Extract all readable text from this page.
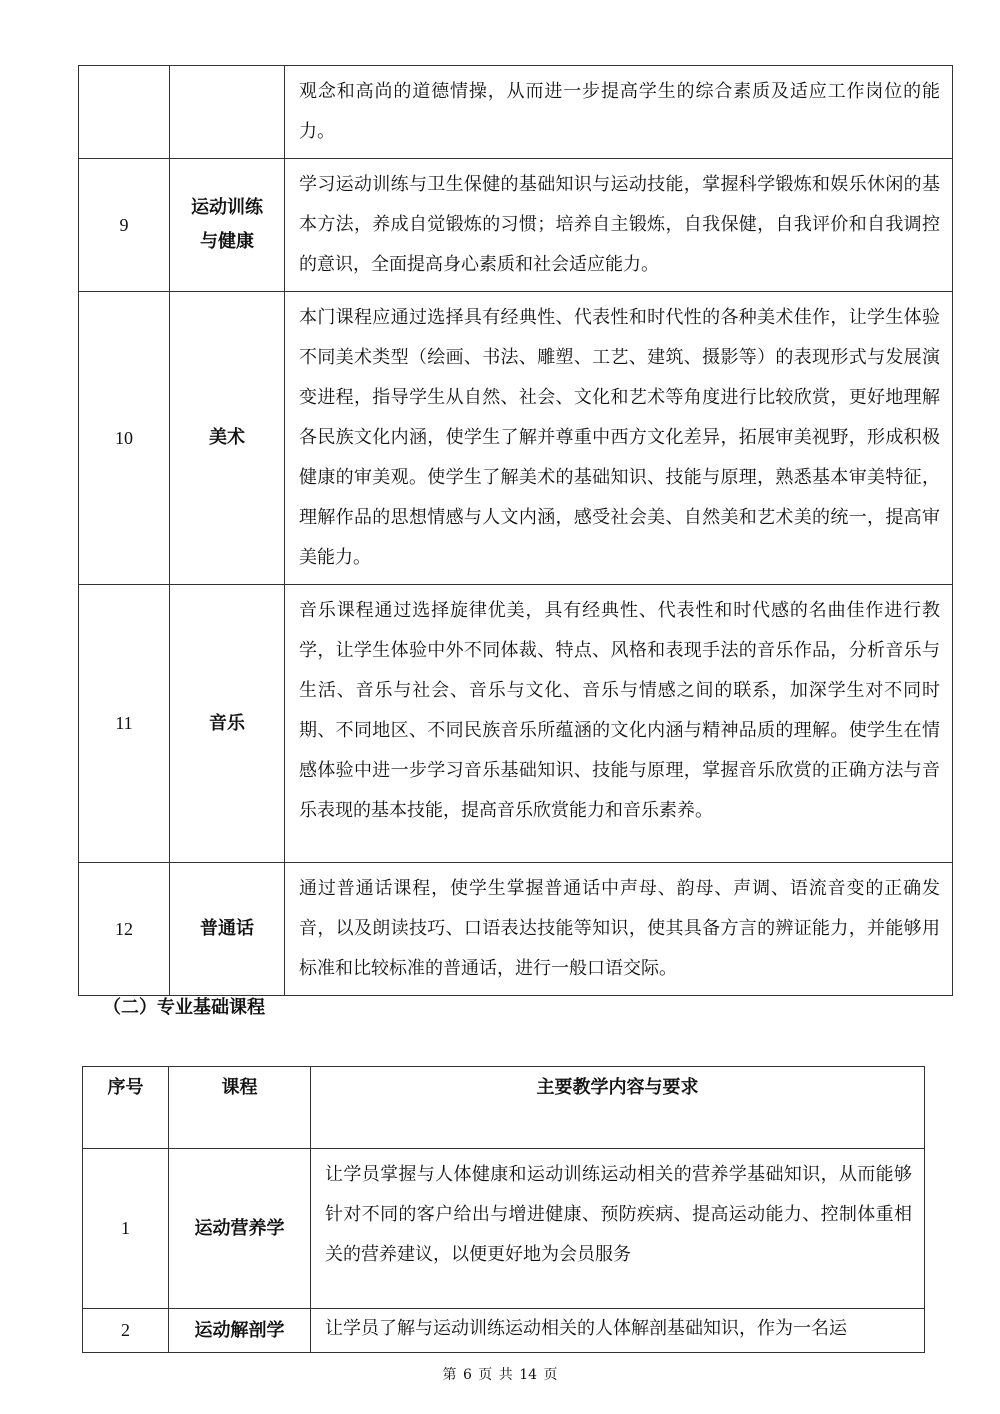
		观念和高尚的道德情操，从而进一步提高学生的综合素质及适应工作岗位的能力。
9	运动训练与健康	学习运动训练与卫生保健的基础知识与运动技能，掌握科学锻炼和娱乐休闲的基本方法，养成自觉锻炼的习惯；培养自主锻炼，自我保健，自我评价和自我调控的意识，全面提高身心素质和社会适应能力。
10	美术	本门课程应通过选择具有经典性、代表性和时代性的各种美术佳作，让学生体验不同美术类型（绘画、书法、雕塑、工艺、建筑、摄影等）的表现形式与发展演变进程，指导学生从自然、社会、文化和艺术等角度进行比较欣赏，更好地理解各民族文化内涵，使学生了解并尊重中西方文化差异，拓展审美视野，形成积极健康的审美观。使学生了解美术的基础知识、技能与原理，熟悉基本审美特征，理解作品的思想情感与人文内涵，感受社会美、自然美和艺术美的统一，提高审美能力。
11	音乐	音乐课程通过选择旋律优美，具有经典性、代表性和时代感的名曲佳作进行教学，让学生体验中外不同体裁、特点、风格和表现手法的音乐作品，分析音乐与生活、音乐与社会、音乐与文化、音乐与情感之间的联系，加深学生对不同时期、不同地区、不同民族音乐所蕴涵的文化内涵与精神品质的理解。使学生在情感体验中进一步学习音乐基础知识、技能与原理，掌握音乐欣赏的正确方法与音乐表现的基本技能，提高音乐欣赏能力和音乐素养。
12	普通话	通过普通话课程，使学生掌握普通话中声母、韵母、声调、语流音变的正确发音，以及朗读技巧、口语表达技能等知识，使其具备方言的辨证能力，并能够用标准和比较标准的普通话，进行一般口语交际。
（二）专业基础课程
序号	课程	主要教学内容与要求
1	运动营养学	让学员掌握与人体健康和运动训练运动相关的营养学基础知识，从而能够针对不同的客户给出与增进健康、预防疾病、提高运动能力、控制体重相关的营养建议，以便更好地为会员服务
2	运动解剖学	让学员了解与运动训练运动相关的人体解剖基础知识，作为一名运
第 6 页 共 14 页
